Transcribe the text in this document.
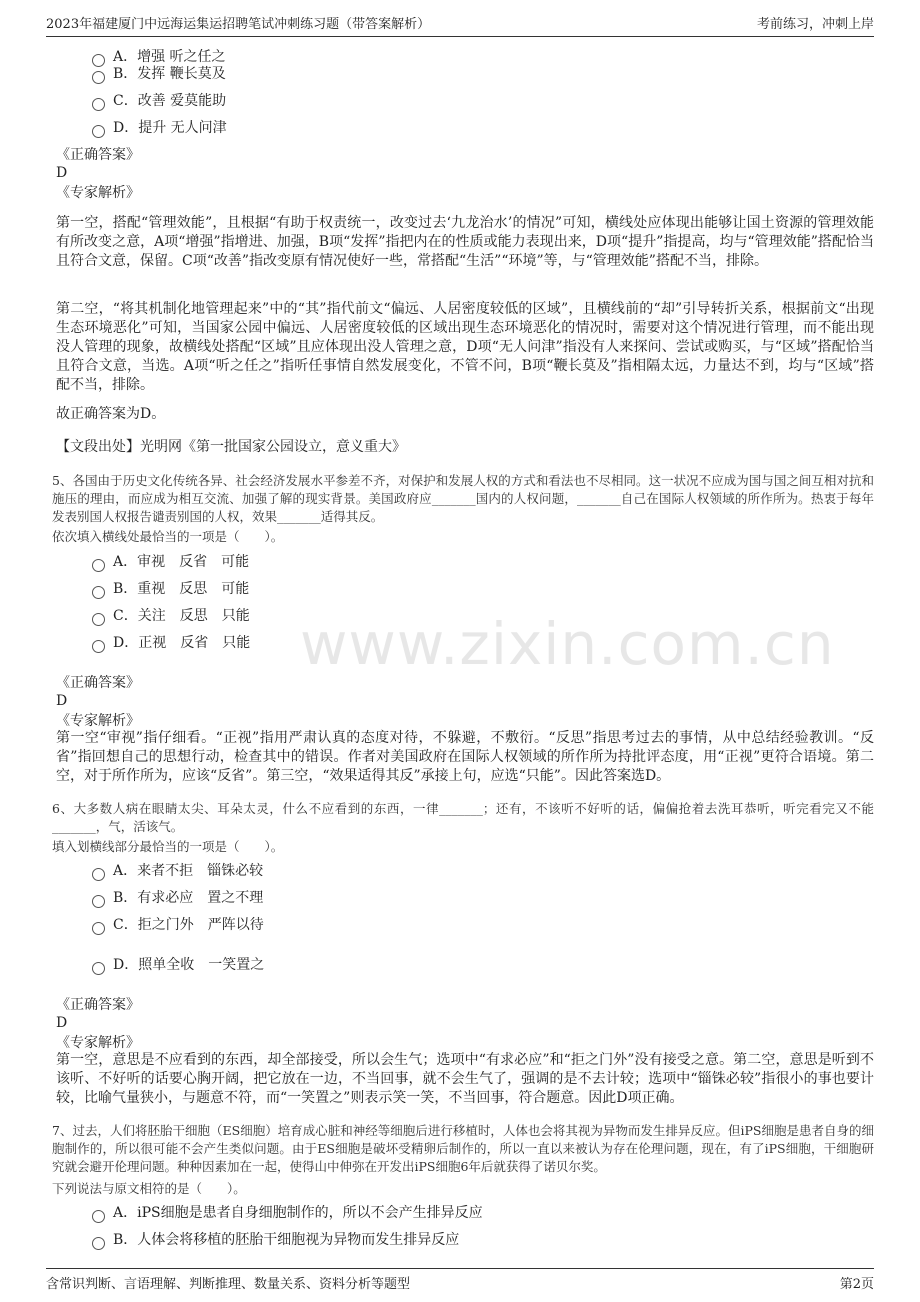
2023年福建厦门中远海运集运招聘笔试冲刺练习题（带答案解析）	考前练习，冲刺上岸
www.zixin.com.cn
A．增强 听之任之
B．发挥 鞭长莫及
C．改善 爱莫能助
D．提升 无人问津
《正确答案》
D
《专家解析》
第一空，搭配“管理效能”，且根据“有助于权责统一，改变过去‘九龙治水’的情况”可知，横线处应体现出能够让国土资源的管理效能有所改变之意，A项“增强”指增进、加强，B项“发挥”指把内在的性质或能力表现出来，D项“提升”指提高，均与“管理效能”搭配恰当且符合文意，保留。C项“改善”指改变原有情况使好一些，常搭配“生活”“环境”等，与“管理效能”搭配不当，排除。
第二空，“将其机制化地管理起来”中的“其”指代前文“偏远、人居密度较低的区域”，且横线前的“却”引导转折关系，根据前文“出现生态环境恶化”可知，当国家公园中偏远、人居密度较低的区域出现生态环境恶化的情况时，需要对这个情况进行管理，而不能出现没人管理的现象，故横线处搭配“区域”且应体现出没人管理之意，D项“无人问津”指没有人来探问、尝试或购买，与“区域”搭配恰当且符合文意，当选。A项“听之任之”指听任事情自然发展变化，不管不问，B项“鞭长莫及”指相隔太远，力量达不到，均与“区域”搭配不当，排除。
故正确答案为D。
【文段出处】光明网《第一批国家公园设立，意义重大》
5、各国由于历史文化传统各异、社会经济发展水平参差不齐，对保护和发展人权的方式和看法也不尽相同。这一状况不应成为国与国之间互相对抗和施压的理由，而应成为相互交流、加强了解的现实背景。美国政府应_______国内的人权问题，_______自己在国际人权领域的所作所为。热衷于每年发表别国人权报告谴责别国的人权，效果_______适得其反。
依次填入横线处最恰当的一项是（　　）。
A．审视　反省　可能
B．重视　反思　可能
C．关注　反思　只能
D．正视　反省　只能
《正确答案》
D
《专家解析》
第一空“审视”指仔细看。“正视”指用严肃认真的态度对待，不躲避，不敷衍。“反思”指思考过去的事情，从中总结经验教训。“反省”指回想自己的思想行动，检查其中的错误。作者对美国政府在国际人权领域的所作所为持批评态度，用“正视”更符合语境。第二空，对于所作所为，应该“反省”。第三空，“效果适得其反”承接上句，应选“只能”。因此答案选D。
6、大多数人病在眼睛太尖、耳朵太灵，什么不应看到的东西，一律_______；还有，不该听不好听的话，偏偏抢着去洗耳恭听，听完看完又不能_______，气，活该气。
填入划横线部分最恰当的一项是（　　）。
A．来者不拒　锱铢必较
B．有求必应　置之不理
C．拒之门外　严阵以待
D．照单全收　一笑置之
《正确答案》
D
《专家解析》
第一空，意思是不应看到的东西，却全部接受，所以会生气；选项中“有求必应”和“拒之门外”没有接受之意。第二空，意思是听到不该听、不好听的话要心胸开阔，把它放在一边，不当回事，就不会生气了，强调的是不去计较；选项中“锱铢必较”指很小的事也要计较，比喻气量狭小，与题意不符，而“一笑置之”则表示笑一笑，不当回事，符合题意。因此D项正确。
7、过去，人们将胚胎干细胞（ES细胞）培育成心脏和神经等细胞后进行移植时，人体也会将其视为异物而发生排异反应。但iPS细胞是患者自身的细胞制作的，所以很可能不会产生类似问题。由于ES细胞是破坏受精卵后制作的，所以一直以来被认为存在伦理问题，现在，有了iPS细胞，干细胞研究就会避开伦理问题。种种因素加在一起，使得山中伸弥在开发出iPS细胞6年后就获得了诺贝尔奖。
下列说法与原文相符的是（　　）。
A．iPS细胞是患者自身细胞制作的，所以不会产生排异反应
B．人体会将移植的胚胎干细胞视为异物而发生排异反应
含常识判断、言语理解、判断推理、数量关系、资料分析等题型	第2页
